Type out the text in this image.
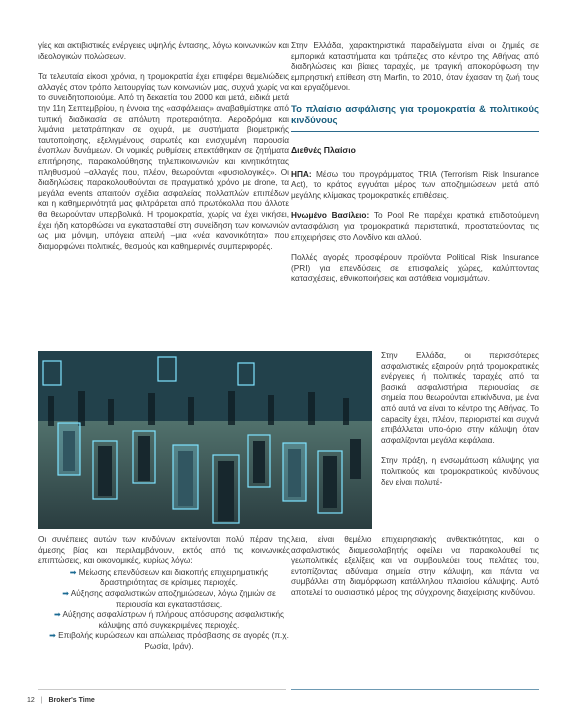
γίες και ακτιβιστικές ενέργειες υψηλής έντασης, λόγω κοινωνικών και ιδεολογικών πολώσεων.

Τα τελευταία είκοσι χρόνια, η τρομοκρατία έχει επιφέρει θεμελιώδεις αλλαγές στον τρόπο λειτουργίας των κοινωνιών μας, συχνά χωρίς να το συνειδητοποιούμε. Από τη δεκαετία του 2000 και μετά, ειδικά μετά την 11η Σεπτεμβρίου, η έννοια της «ασφάλειας» αναβαθμίστηκε από τυπική διαδικασία σε απόλυτη προτεραιότητα. Αεροδρόμια και λιμάνια μετατράπηκαν σε οχυρά, με συστήματα βιομετρικής ταυτοποίησης, εξελιγμένους σαρωτές και ενισχυμένη παρουσία ένοπλων δυνάμεων. Οι νομικές ρυθμίσεις επεκτάθηκαν σε ζητήματα επιτήρησης, παρακολούθησης τηλεπικοινωνιών και κινητικότητας πληθυσμού –αλλαγές που, πλέον, θεωρούνται «φυσιολογικές». Οι διαδηλώσεις παρακολουθούνται σε πραγματικό χρόνο με drone, τα μεγάλα events απαιτούν σχέδια ασφαλείας πολλαπλών επιπέδων και η καθημερινότητά μας φιλτράρεται από πρωτόκολλα που άλλοτε θα θεωρούνταν υπερβολικά. Η τρομοκρατία, χωρίς να έχει νικήσει, έχει ήδη κατορθώσει να εγκατασταθεί στη συνείδηση των κοινωνιών ως μια μόνιμη, υπόγεια απειλή –μια «νέα κανονικότητα» που διαμορφώνει πολιτικές, θεσμούς και καθημερινές συμπεριφορές.

Στην Ελλάδα, χαρακτηριστικά παραδείγματα είναι οι ζημιές σε εμπορικά καταστήματα και τράπεζες στο κέντρο της Αθήνας από διαδηλώσεις και βίαιες ταραχές, με τραγική αποκορύφωση την εμπρηστική επίθεση στη Marfin, το 2010, όταν έχασαν τη ζωή τους και εργαζόμενοι.

Το πλαίσιο ασφάλισης για τρομοκρατία & πολιτικούς κινδύνους
Διεθνές Πλαίσιο

ΗΠΑ: Μέσω του προγράμματος TRIA (Terrorism Risk Insurance Act), το κράτος εγγυάται μέρος των αποζημιώσεων μετά από μεγάλης κλίμακας τρομοκρατικές επιθέσεις.

Ηνωμένο Βασίλειο: Το Pool Re παρέχει κρατικά επιδοτούμενη αντασφάλιση για τρομοκρατικά περιστατικά, προστατεύοντας τις επιχειρήσεις στο Λονδίνο και αλλού.

Πολλές αγορές προσφέρουν προϊόντα Political Risk Insurance (PRI) για επενδύσεις σε επισφαλείς χώρες, καλύπτοντας κατασχέσεις, εθνικοποιήσεις και αστάθεια νομισμάτων.

Στην Ελλάδα, οι περισσότερες ασφαλιστικές εξαιρούν ρητά τρομοκρατικές ενέργειες ή πολιτικές ταραχές από τα βασικά ασφαλιστήρια περιουσίας σε σημεία που θεωρούνται επικίνδυνα, με ένα από αυτά να είναι το κέντρο της Αθήνας. Το capacity έχει, πλέον, περιοριστεί και συχνά επιβάλλεται υπο-όριο στην κάλυψη όταν ασφαλίζονται μεγάλα κεφάλαια.

Στην πράξη, η ενσωμάτωση κάλυψης για πολιτικούς και τρομοκρατικούς κινδύνους δεν είναι πολυτέ-

Οι συνέπειες αυτών των κινδύνων εκτείνονται πολύ πέραν της άμεσης βίας και περιλαμβάνουν, εκτός από τις κοινωνικές επιπτώσεις, και οικονομικές, κυρίως λόγω:

➡ Μείωσης επενδύσεων και διακοπής επιχειρηματικής δραστηριότητας σε κρίσιμες περιοχές.
➡ Αύξησης ασφαλιστικών αποζημιώσεων, λόγω ζημιών σε περιουσία και εγκαταστάσεις.
➡ Αύξησης ασφαλίστρων ή πλήρους απόσυρσης ασφαλιστικής κάλυψης από συγκεκριμένες περιοχές.
➡ Επιβολής κυρώσεων και απώλειας πρόσβασης σε αγορές (π.χ. Ρωσία, Ιράν).

λεια, είναι θεμέλιο επιχειρησιακής ανθεκτικότητας, και ο ασφαλιστικός διαμεσολαβητής οφείλει να παρακολουθεί τις γεωπολιτικές εξελίξεις και να συμβουλεύει τους πελάτες του, εντοπίζοντας αδύναμα σημεία στην κάλυψη, και πάντα να συμβάλλει στη διαμόρφωση κατάλληλου πλαισίου κάλυψης. Αυτό αποτελεί το ουσιαστικό μέρος της σύγχρονης διαχείρισης κινδύνου.

12 | Broker's Time
